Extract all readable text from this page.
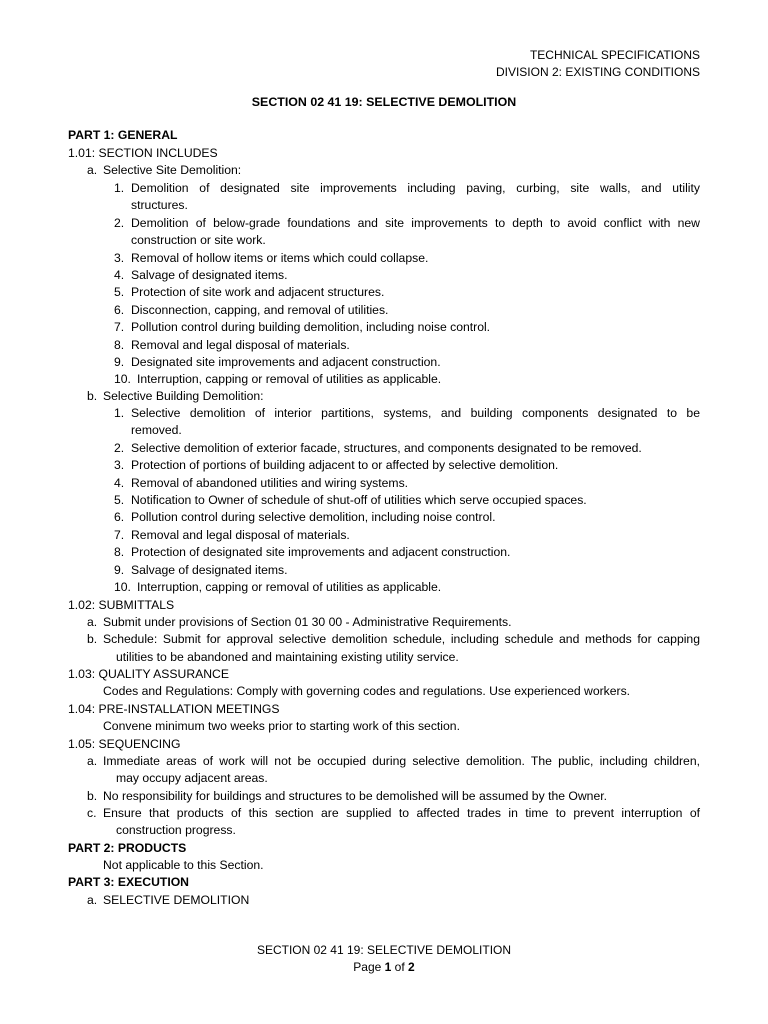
TECHNICAL SPECIFICATIONS
DIVISION 2: EXISTING CONDITIONS
SECTION 02 41 19: SELECTIVE DEMOLITION
PART 1: GENERAL
1.01: SECTION INCLUDES
a. Selective Site Demolition:
1. Demolition of designated site improvements including paving, curbing, site walls, and utility
structures.
2. Demolition of below-grade foundations and site improvements to depth to avoid conflict with new
construction or site work.
3. Removal of hollow items or items which could collapse.
4. Salvage of designated items.
5. Protection of site work and adjacent structures.
6. Disconnection, capping, and removal of utilities.
7. Pollution control during building demolition, including noise control.
8. Removal and legal disposal of materials.
9. Designated site improvements and adjacent construction.
10. Interruption, capping or removal of utilities as applicable.
b. Selective Building Demolition:
1. Selective demolition of interior partitions, systems, and building components designated to be
removed.
2. Selective demolition of exterior facade, structures, and components designated to be removed.
3. Protection of portions of building adjacent to or affected by selective demolition.
4. Removal of abandoned utilities and wiring systems.
5. Notification to Owner of schedule of shut-off of utilities which serve occupied spaces.
6. Pollution control during selective demolition, including noise control.
7. Removal and legal disposal of materials.
8. Protection of designated site improvements and adjacent construction.
9. Salvage of designated items.
10. Interruption, capping or removal of utilities as applicable.
1.02: SUBMITTALS
a. Submit under provisions of Section 01 30 00 - Administrative Requirements.
b. Schedule: Submit for approval selective demolition schedule, including schedule and methods for capping
utilities to be abandoned and maintaining existing utility service.
1.03: QUALITY ASSURANCE
Codes and Regulations: Comply with governing codes and regulations. Use experienced workers.
1.04: PRE-INSTALLATION MEETINGS
Convene minimum two weeks prior to starting work of this section.
1.05: SEQUENCING
a. Immediate areas of work will not be occupied during selective demolition. The public, including children,
may occupy adjacent areas.
b. No responsibility for buildings and structures to be demolished will be assumed by the Owner.
c. Ensure that products of this section are supplied to affected trades in time to prevent interruption of
construction progress.
PART 2: PRODUCTS
Not applicable to this Section.
PART 3: EXECUTION
a. SELECTIVE DEMOLITION
SECTION 02 41 19: SELECTIVE DEMOLITION
Page 1 of 2
